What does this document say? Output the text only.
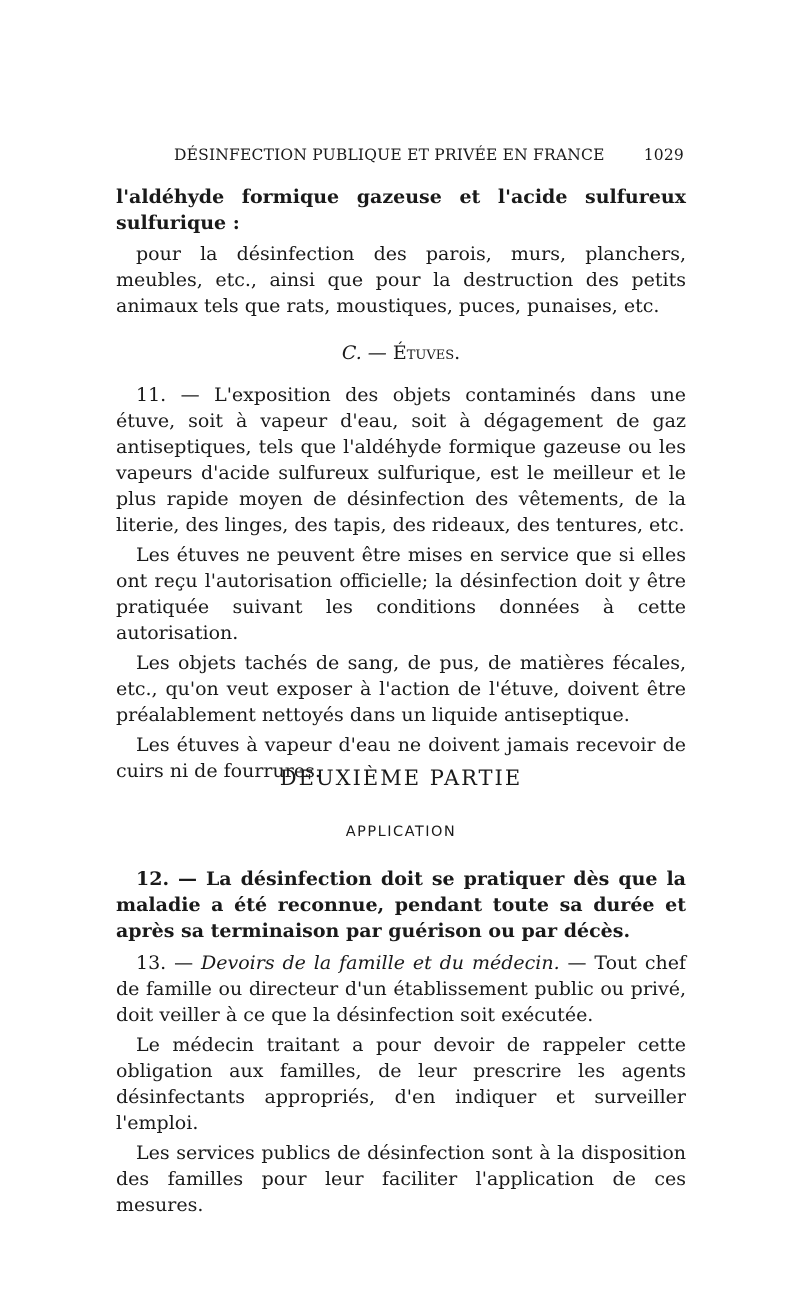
DÉSINFECTION PUBLIQUE ET PRIVÉE EN FRANCE	1029

l'aldéhyde formique gazeuse et l'acide sulfureux sulfurique :

pour la désinfection des parois, murs, planchers, meubles, etc., ainsi que pour la destruction des petits animaux tels que rats, moustiques, puces, punaises, etc.

C. — Étuves.

11. — L'exposition des objets contaminés dans une étuve, soit à vapeur d'eau, soit à dégagement de gaz antiseptiques, tels que l'aldéhyde formique gazeuse ou les vapeurs d'acide sulfureux sulfurique, est le meilleur et le plus rapide moyen de désinfection des vêtements, de la literie, des linges, des tapis, des rideaux, des tentures, etc.

Les étuves ne peuvent être mises en service que si elles ont reçu l'autorisation officielle; la désinfection doit y être pratiquée suivant les conditions données à cette autorisation.

Les objets tachés de sang, de pus, de matières fécales, etc., qu'on veut exposer à l'action de l'étuve, doivent être préalablement nettoyés dans un liquide antiseptique.

Les étuves à vapeur d'eau ne doivent jamais recevoir de cuirs ni de fourrures.

DEUXIÈME PARTIE
APPLICATION

12. — La désinfection doit se pratiquer dès que la maladie a été reconnue, pendant toute sa durée et après sa terminaison par guérison ou par décès.

13. — Devoirs de la famille et du médecin. — Tout chef de famille ou directeur d'un établissement public ou privé, doit veiller à ce que la désinfection soit exécutée.

Le médecin traitant a pour devoir de rappeler cette obligation aux familles, de leur prescrire les agents désinfectants appropriés, d'en indiquer et surveiller l'emploi.

Les services publics de désinfection sont à la disposition des familles pour leur faciliter l'application de ces mesures.
